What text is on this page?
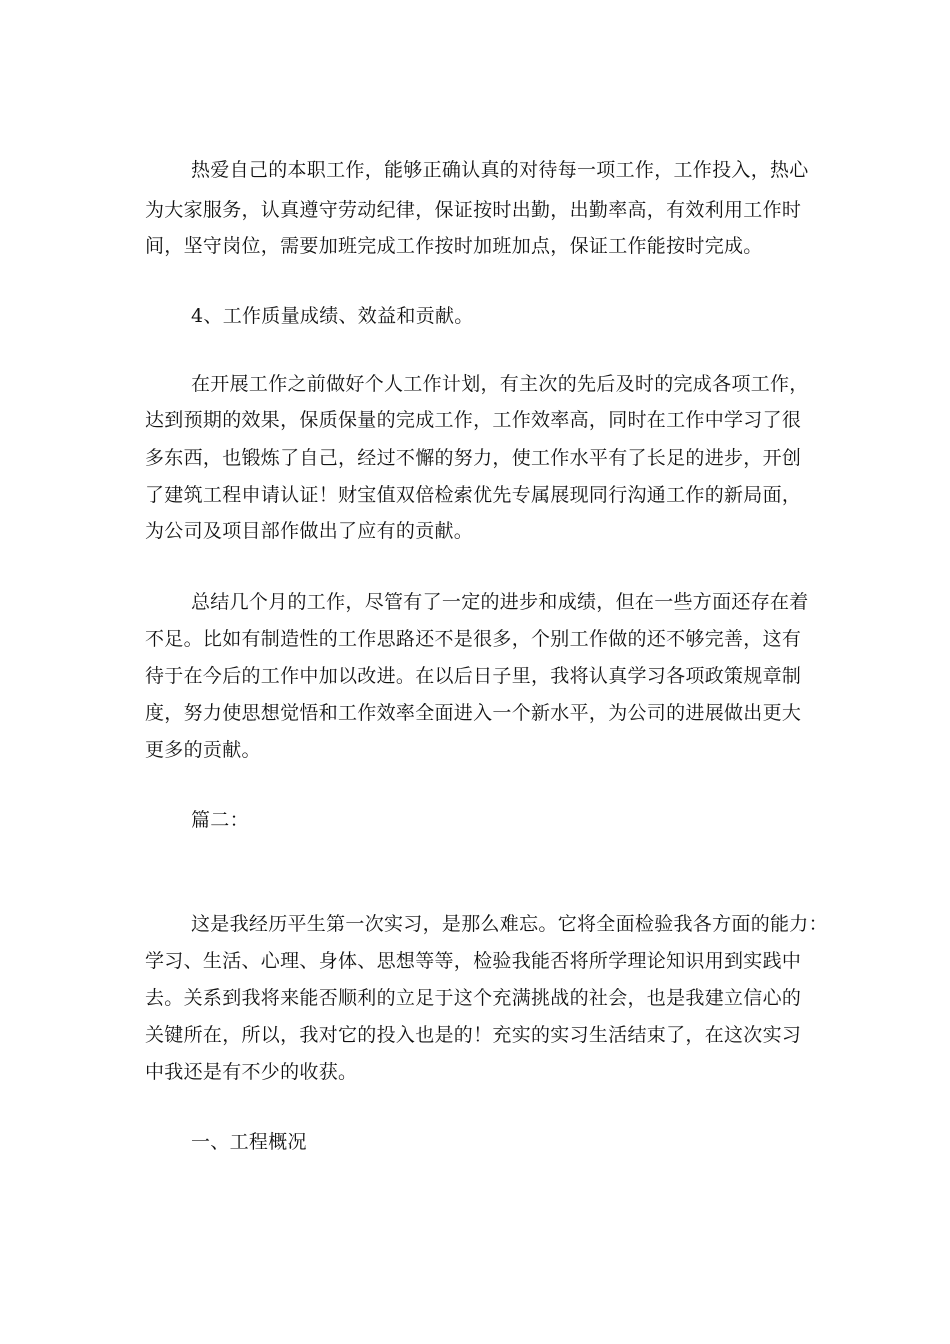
热爱自己的本职工作，能够正确认真的对待每一项工作，工作投入，热心
为大家服务，认真遵守劳动纪律，保证按时出勤，出勤率高，有效利用工作时
间，坚守岗位，需要加班完成工作按时加班加点，保证工作能按时完成。
4、工作质量成绩、效益和贡献。
在开展工作之前做好个人工作计划，有主次的先后及时的完成各项工作，
达到预期的效果，保质保量的完成工作，工作效率高，同时在工作中学习了很
多东西，也锻炼了自己，经过不懈的努力，使工作水平有了长足的进步，开创
了建筑工程申请认证！财宝值双倍检索优先专属展现同行沟通工作的新局面，
为公司及项目部作做出了应有的贡献。
总结几个月的工作，尽管有了一定的进步和成绩，但在一些方面还存在着
不足。比如有制造性的工作思路还不是很多，个别工作做的还不够完善，这有
待于在今后的工作中加以改进。在以后日子里，我将认真学习各项政策规章制
度，努力使思想觉悟和工作效率全面进入一个新水平，为公司的进展做出更大
更多的贡献。
篇二：
这是我经历平生第一次实习，是那么难忘。它将全面检验我各方面的能力：
学习、生活、心理、身体、思想等等，检验我能否将所学理论知识用到实践中
去。关系到我将来能否顺利的立足于这个充满挑战的社会，也是我建立信心的
关键所在，所以，我对它的投入也是的！充实的实习生活结束了，在这次实习
中我还是有不少的收获。
一、工程概况
